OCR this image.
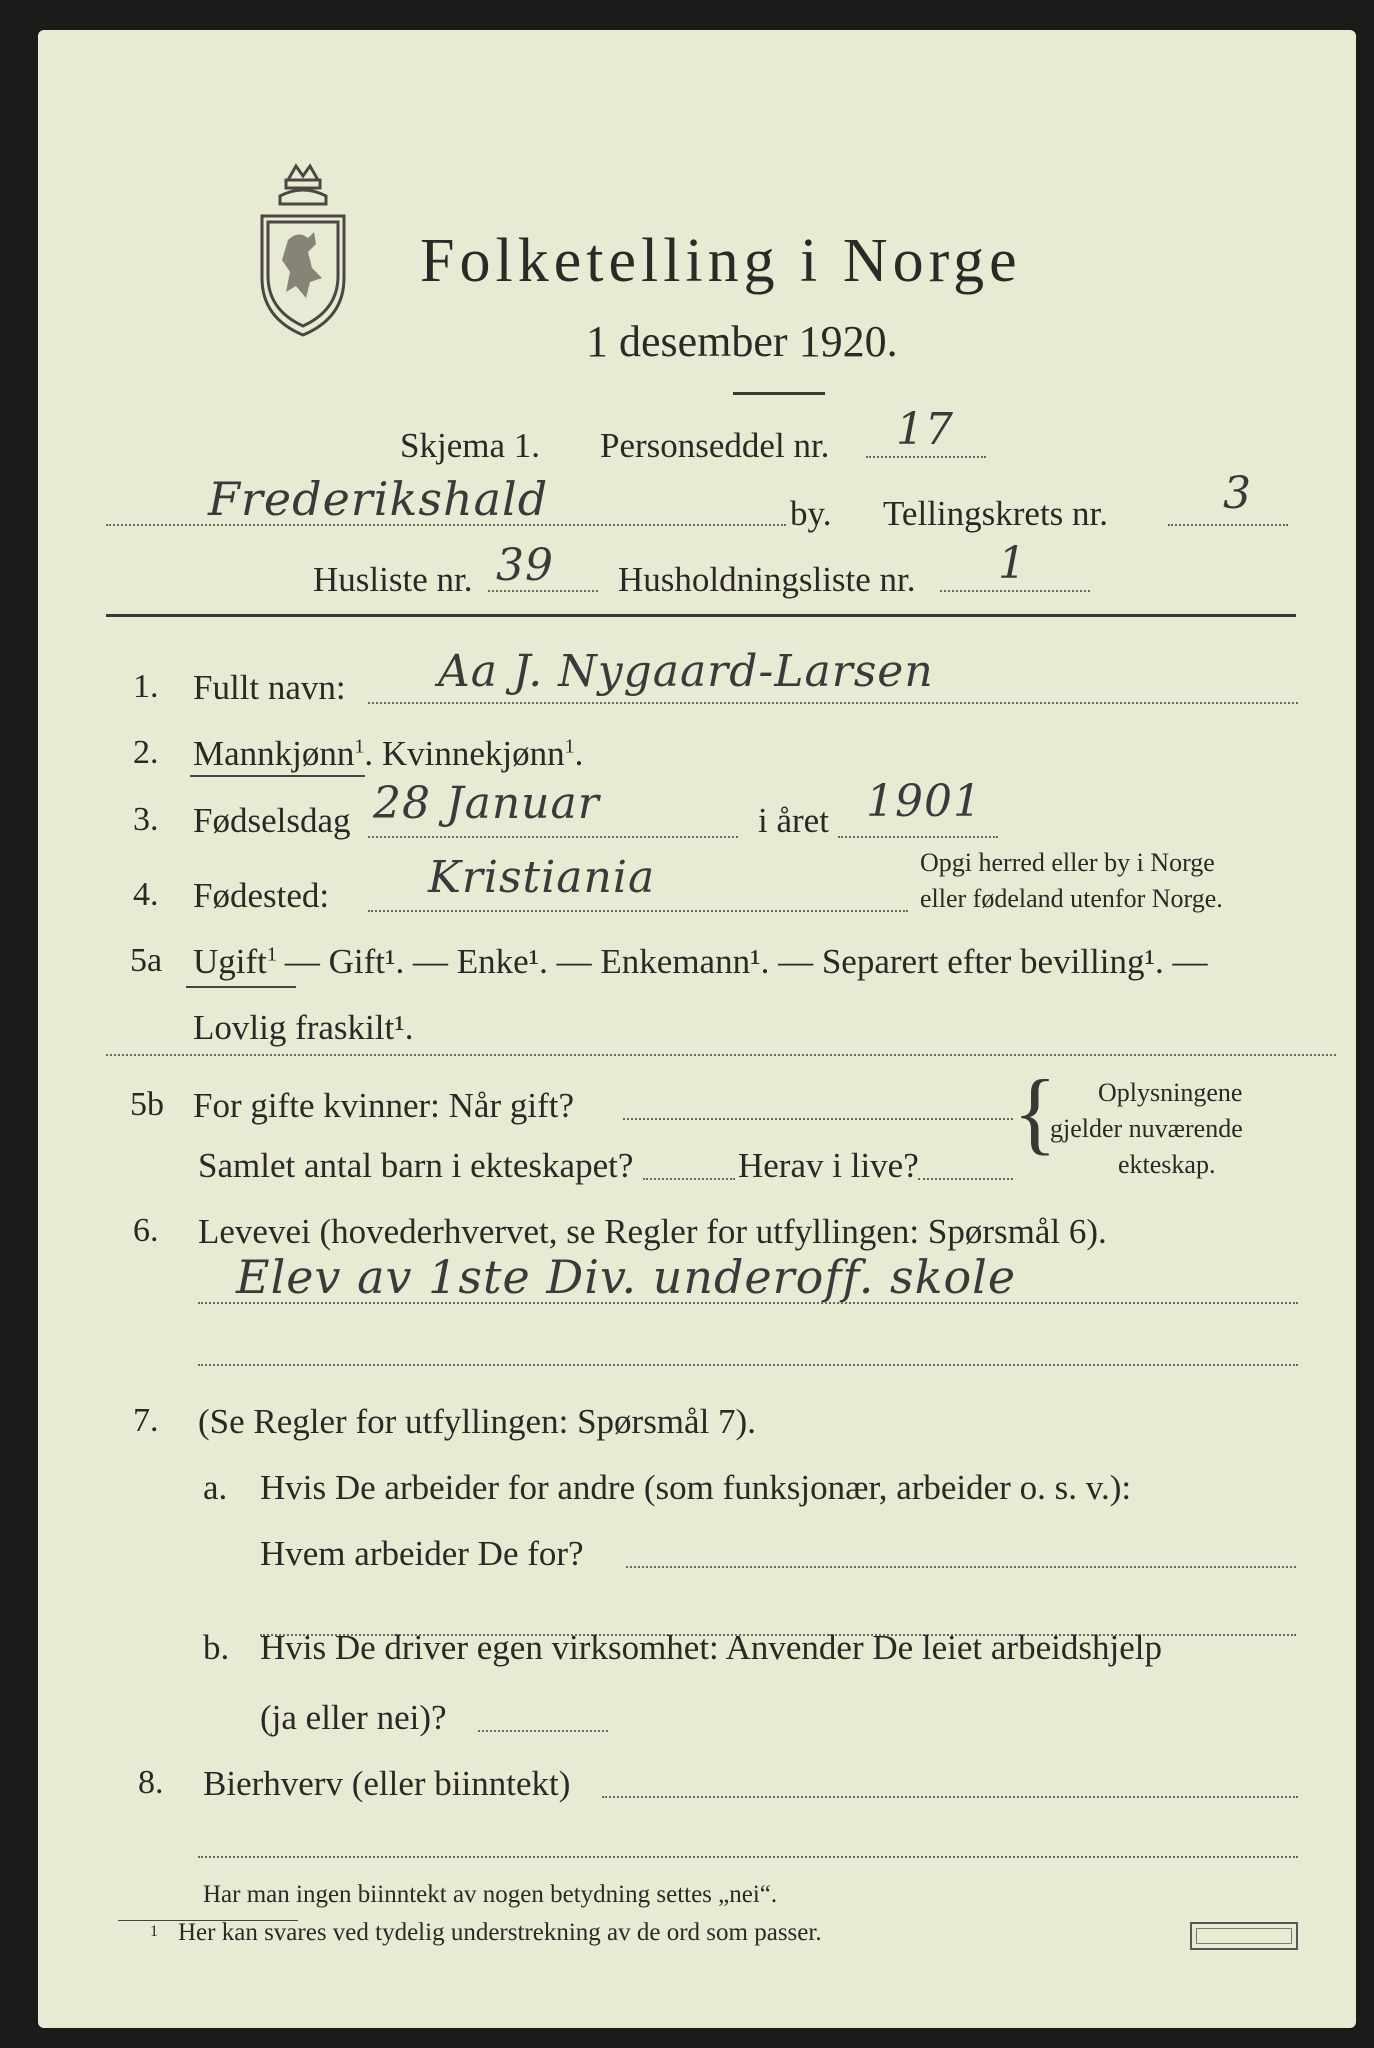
Folketelling i Norge
1 desember 1920.
Skjema 1. Personseddel nr. 17
Frederikshald	by. Tellingskrets nr.	3
Husliste nr. 39 Husholdningsliste nr. 1
1. Fullt navn: Aa J. Nygaard-Larsen
2. Mannkjønn$^1$. Kvinnekjønn$^1$.
3. Fødselsdag 28 Januar	i året 1901
4. Fødested: Kristiania	Opgi herred eller by i Norge
eller fødeland utenfor Norge.
5a Ugift$^1$ — Gift¹. — Enke¹. — Enkemann¹. — Separert efter bevilling¹. —
Lovlig fraskilt¹.
5b For gifte kvinner: Når gift?
Samlet antal barn i ekteskapet?	Herav i live?
{ Oplysningene
gjelder nuværende
ekteskap.
6. Levevei (hovederhvervet, se Regler for utfyllingen: Spørsmål 6).
Elev av 1ste Div. underoff. skole
7. (Se Regler for utfyllingen: Spørsmål 7).
a. Hvis De arbeider for andre (som funksjonær, arbeider o. s. v.):
Hvem arbeider De for?
b. Hvis De driver egen virksomhet: Anvender De leiet arbeidshjelp
(ja eller nei)?
8. Bierhverv (eller biinntekt)
Har man ingen biinntekt av nogen betydning settes „nei“.
1 Her kan svares ved tydelig understrekning av de ord som passer.
